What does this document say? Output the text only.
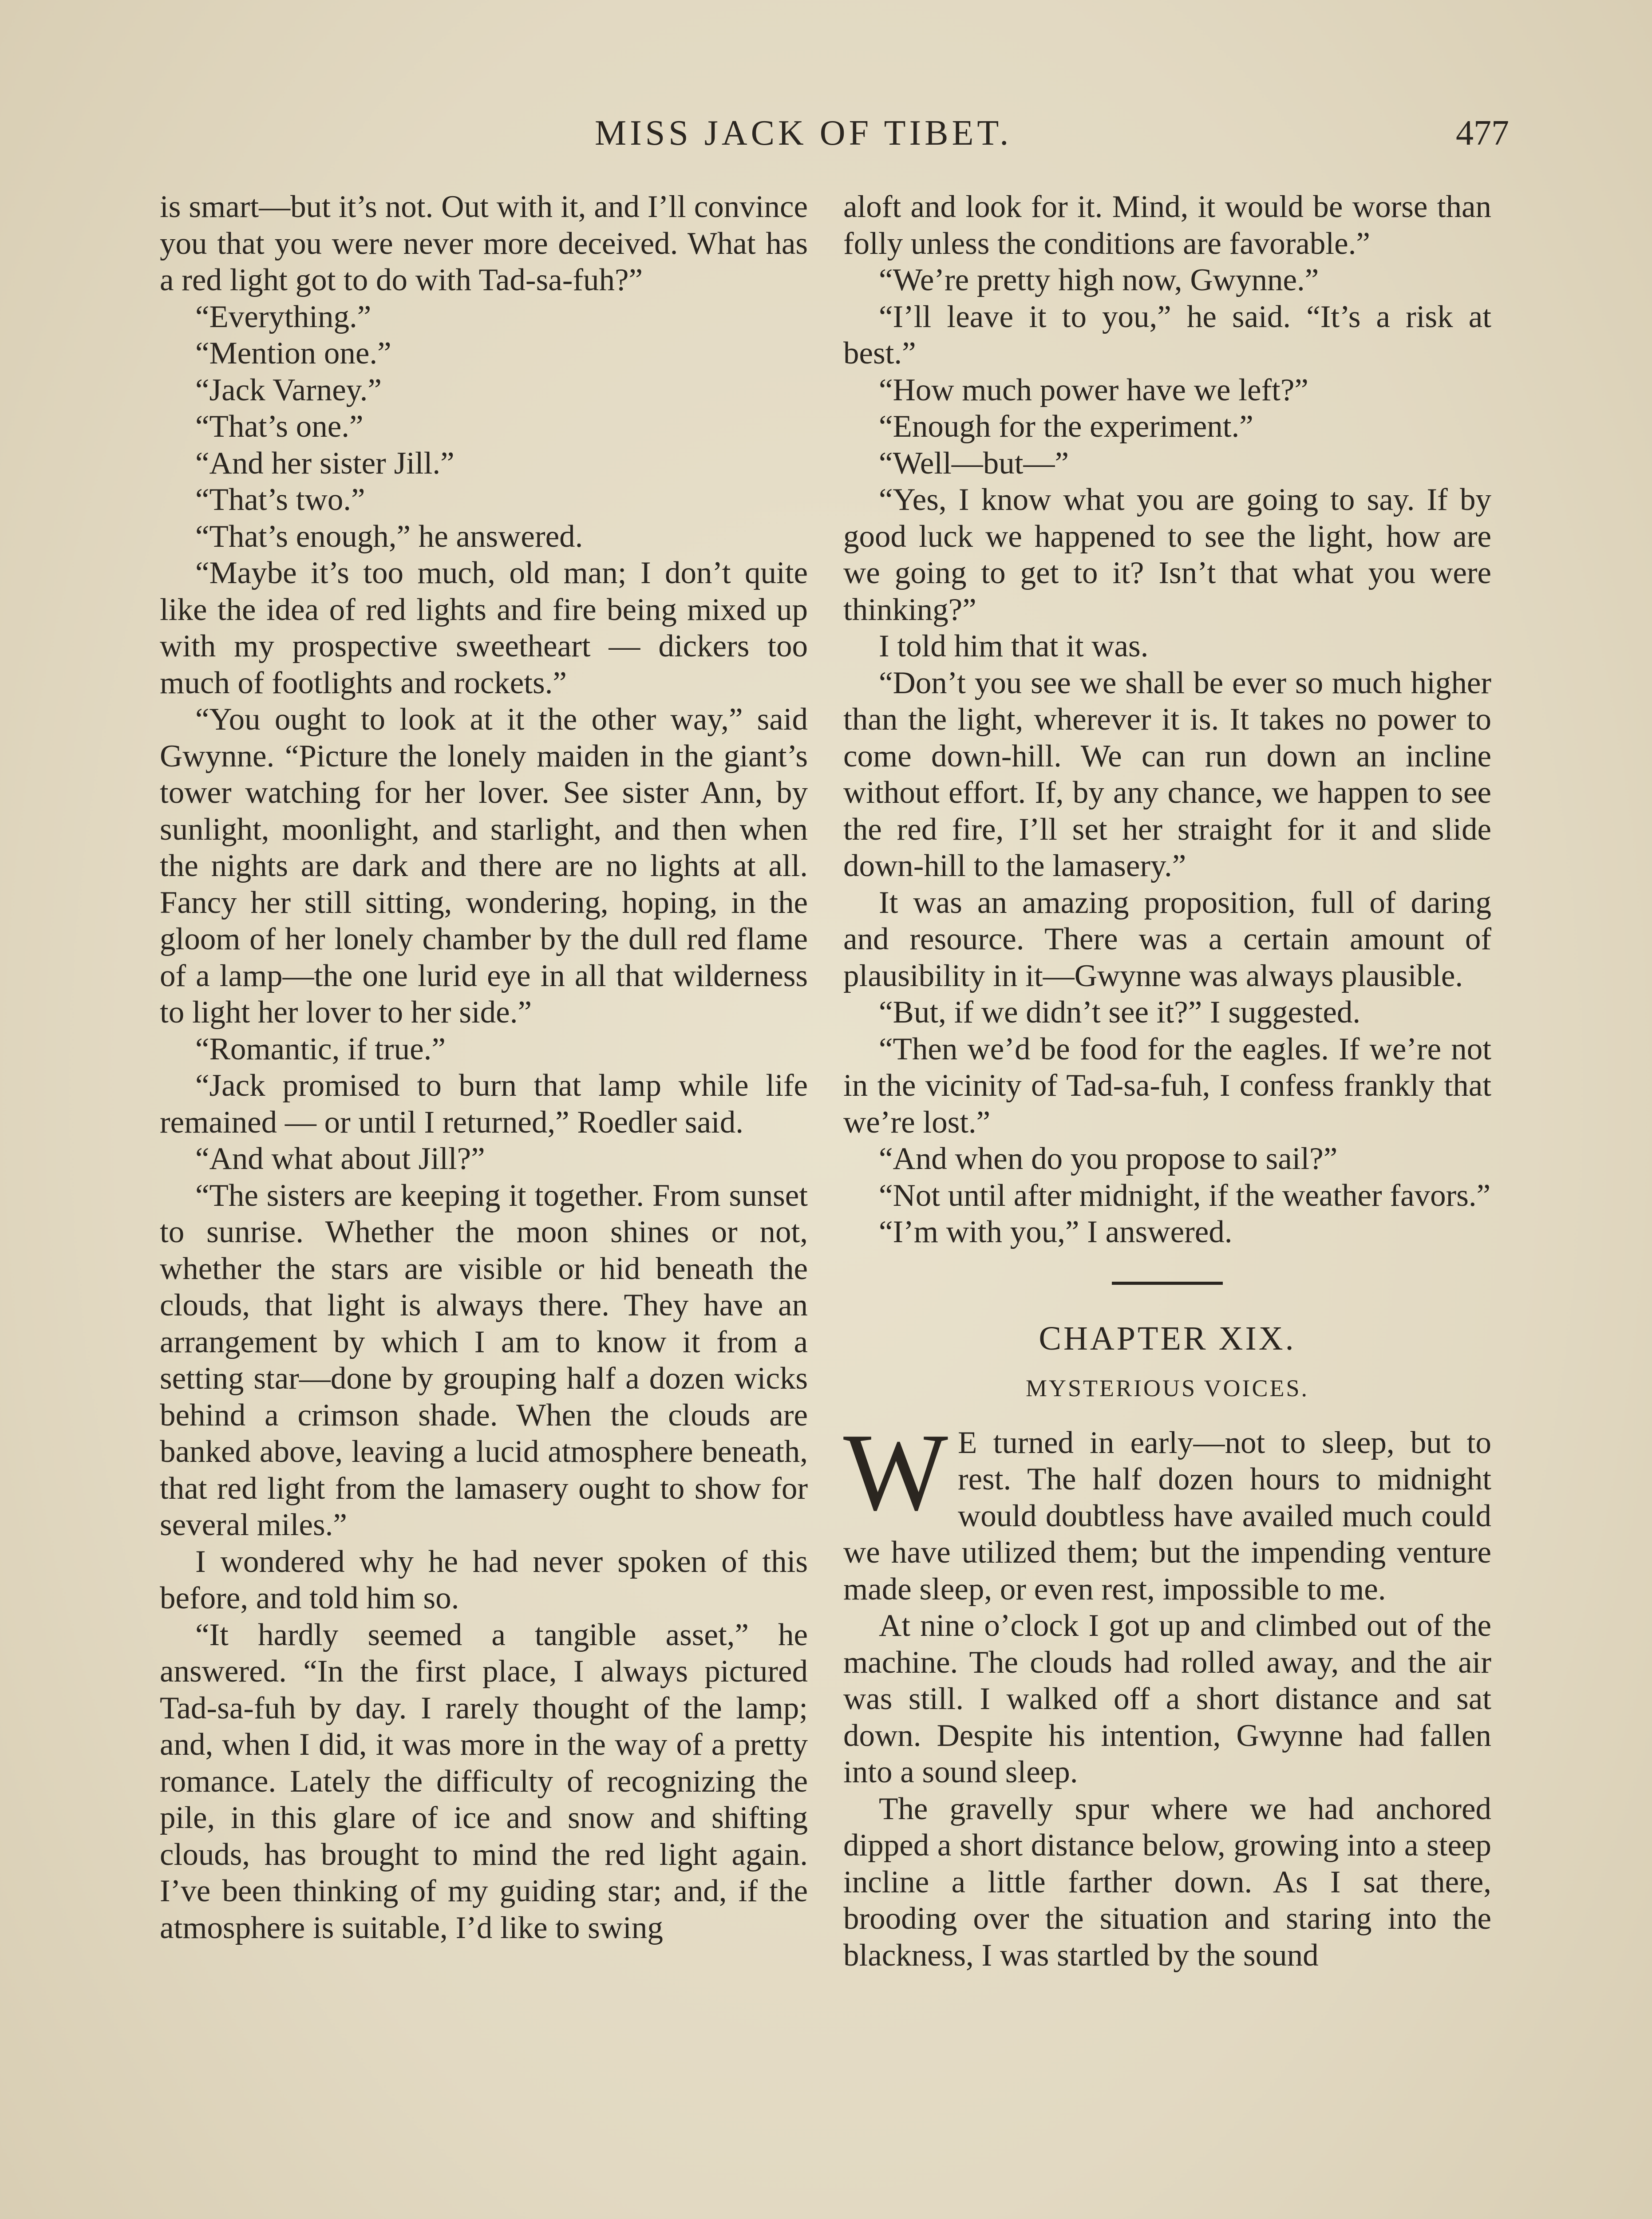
MISS JACK OF TIBET.	477

is smart—but it’s not. Out with it, and I’ll convince you that you were never more deceived. What has a red light got to do with Tad-sa-fuh?”

“Everything.”

“Mention one.”

“Jack Varney.”

“That’s one.”

“And her sister Jill.”

“That’s two.”

“That’s enough,” he answered.

“Maybe it’s too much, old man; I don’t quite like the idea of red lights and fire being mixed up with my prospective sweetheart — dickers too much of footlights and rockets.”

“You ought to look at it the other way,” said Gwynne. “Picture the lonely maiden in the giant’s tower watching for her lover. See sister Ann, by sunlight, moonlight, and starlight, and then when the nights are dark and there are no lights at all. Fancy her still sitting, wondering, hoping, in the gloom of her lonely chamber by the dull red flame of a lamp—the one lurid eye in all that wilderness to light her lover to her side.”

“Romantic, if true.”

“Jack promised to burn that lamp while life remained — or until I returned,” Roedler said.

“And what about Jill?”

“The sisters are keeping it together. From sunset to sunrise. Whether the moon shines or not, whether the stars are visible or hid beneath the clouds, that light is always there. They have an arrangement by which I am to know it from a setting star—done by grouping half a dozen wicks behind a crimson shade. When the clouds are banked above, leaving a lucid atmosphere beneath, that red light from the lamasery ought to show for several miles.”

I wondered why he had never spoken of this before, and told him so.

“It hardly seemed a tangible asset,” he answered. “In the first place, I always pictured Tad-sa-fuh by day. I rarely thought of the lamp; and, when I did, it was more in the way of a pretty romance. Lately the difficulty of recognizing the pile, in this glare of ice and snow and shifting clouds, has brought to mind the red light again. I’ve been thinking of my guiding star; and, if the atmosphere is suitable, I’d like to swing

aloft and look for it. Mind, it would be worse than folly unless the conditions are favorable.”

“We’re pretty high now, Gwynne.”

“I’ll leave it to you,” he said. “It’s a risk at best.”

“How much power have we left?”

“Enough for the experiment.”

“Well—but—”

“Yes, I know what you are going to say. If by good luck we happened to see the light, how are we going to get to it? Isn’t that what you were thinking?”

I told him that it was.

“Don’t you see we shall be ever so much higher than the light, wherever it is. It takes no power to come down-hill. We can run down an incline without effort. If, by any chance, we happen to see the red fire, I’ll set her straight for it and slide down-hill to the lamasery.”

It was an amazing proposition, full of daring and resource. There was a certain amount of plausibility in it—Gwynne was always plausible.

“But, if we didn’t see it?” I suggested.

“Then we’d be food for the eagles. If we’re not in the vicinity of Tad-sa-fuh, I confess frankly that we’re lost.”

“And when do you propose to sail?”

“Not until after midnight, if the weather favors.”

“I’m with you,” I answered.

CHAPTER XIX.
MYSTERIOUS VOICES.

W E turned in early—not to sleep, but to rest. The half dozen hours to midnight would doubtless have availed much could we have utilized them; but the impending venture made sleep, or even rest, impossible to me.

At nine o’clock I got up and climbed out of the machine. The clouds had rolled away, and the air was still. I walked off a short distance and sat down. Despite his intention, Gwynne had fallen into a sound sleep.

The gravelly spur where we had anchored dipped a short distance below, growing into a steep incline a little farther down. As I sat there, brooding over the situation and staring into the blackness, I was startled by the sound
